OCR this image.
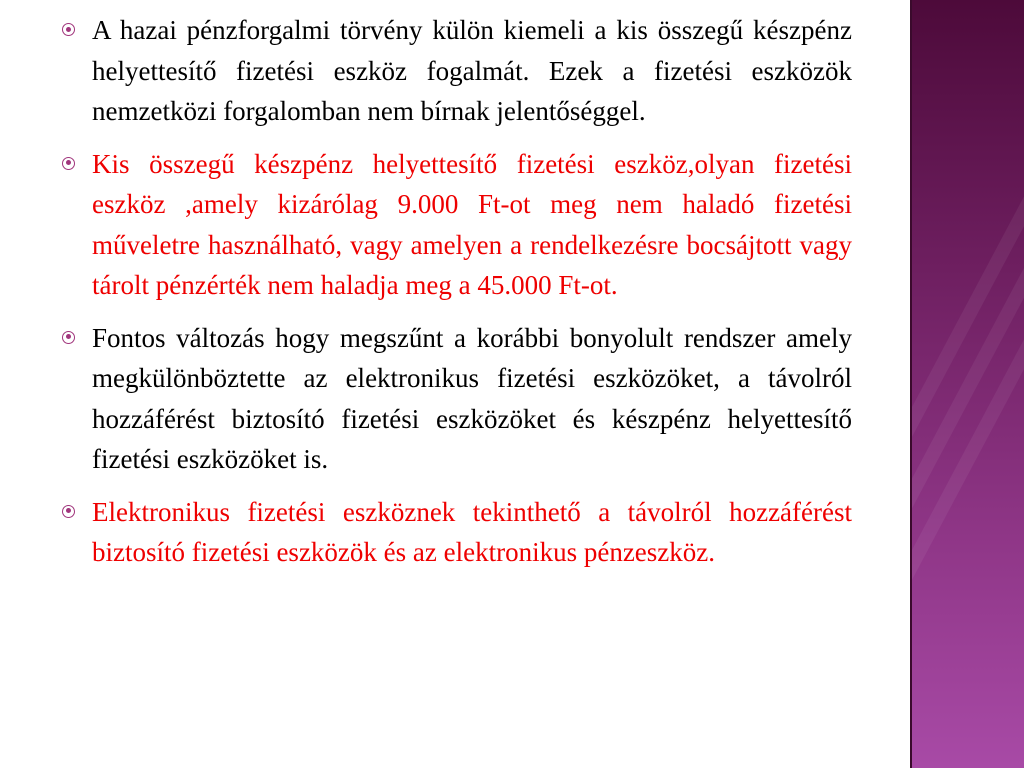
A hazai pénzforgalmi törvény külön kiemeli a kis összegű készpénz helyettesítő fizetési eszköz fogalmát. Ezek a fizetési eszközök nemzetközi forgalomban nem bírnak jelentőséggel.
Kis összegű készpénz helyettesítő fizetési eszköz,olyan fizetési eszköz ,amely kizárólag 9.000 Ft-ot meg nem haladó fizetési műveletre használható, vagy amelyen a rendelkezésre bocsájtott vagy tárolt pénzérték nem haladja meg a 45.000 Ft-ot.
Fontos változás hogy megszűnt a korábbi bonyolult rendszer amely megkülönböztette az elektronikus fizetési eszközöket, a távolról hozzáférést biztosító fizetési eszközöket és készpénz helyettesítő fizetési eszközöket is.
Elektronikus fizetési eszköznek tekinthető a távolról hozzáférést biztosító fizetési eszközök és az elektronikus pénzeszköz.
